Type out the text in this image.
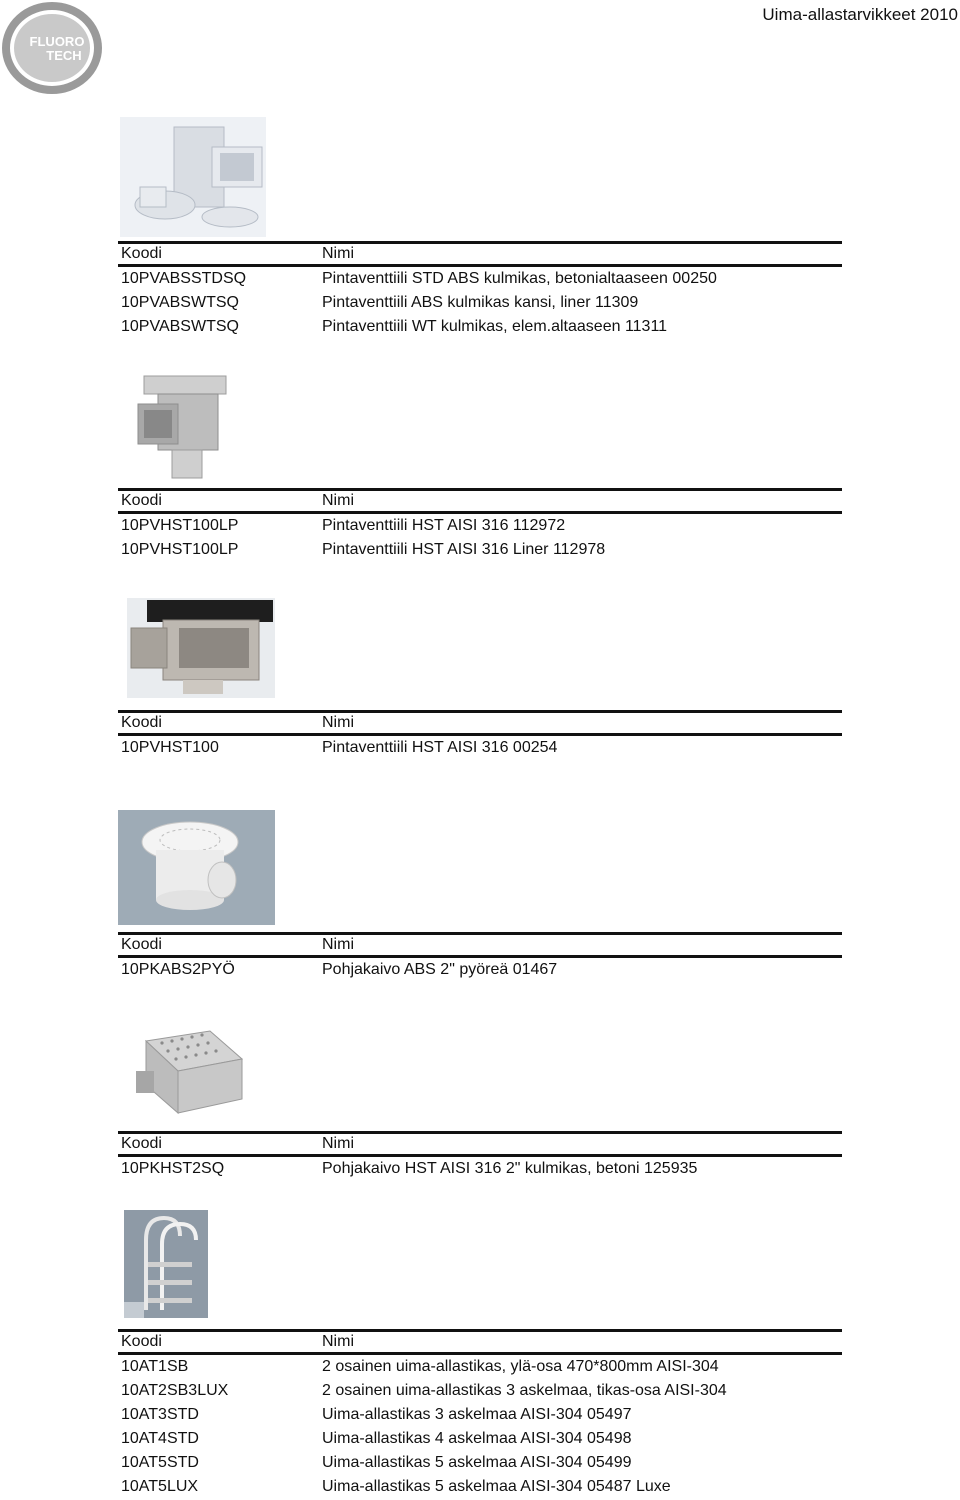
FLUORO
TECH
Uima-allastarvikkeet 2010
Koodi	Nimi
10PVABSSTDSQ	Pintaventtiili STD ABS kulmikas, betonialtaaseen 00250
10PVABSWTSQ	Pintaventtiili ABS kulmikas kansi, liner 11309
10PVABSWTSQ	Pintaventtiili WT kulmikas, elem.altaaseen 11311
Koodi	Nimi
10PVHST100LP	Pintaventtiili HST AISI 316 112972
10PVHST100LP	Pintaventtiili HST AISI 316 Liner 112978
Koodi	Nimi
10PVHST100	Pintaventtiili HST AISI 316 00254
Koodi	Nimi
10PKABS2PYÖ	Pohjakaivo ABS 2" pyöreä 01467
Koodi	Nimi
10PKHST2SQ	Pohjakaivo HST AISI 316 2" kulmikas, betoni 125935
Koodi	Nimi
10AT1SB	2 osainen uima-allastikas, ylä-osa 470*800mm AISI-304
10AT2SB3LUX	2 osainen uima-allastikas 3 askelmaa, tikas-osa AISI-304
10AT3STD	Uima-allastikas 3 askelmaa AISI-304 05497
10AT4STD	Uima-allastikas 4 askelmaa AISI-304 05498
10AT5STD	Uima-allastikas 5 askelmaa AISI-304 05499
10AT5LUX	Uima-allastikas 5 askelmaa AISI-304 05487 Luxe
